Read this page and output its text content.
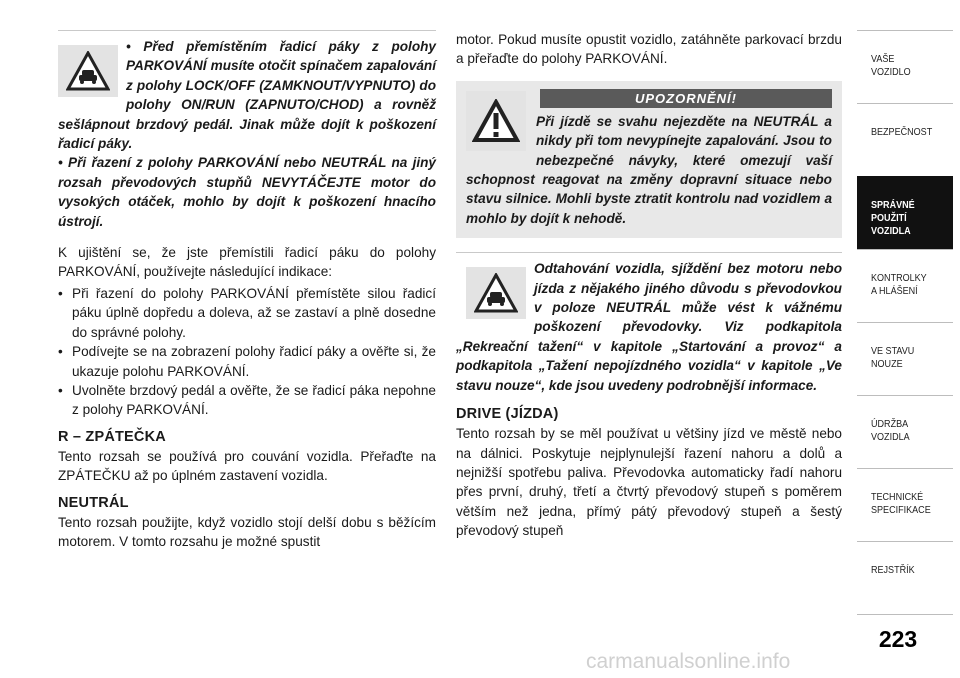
• Před přemístěním řadicí páky z polohy PARKOVÁNÍ musíte otočit spínačem zapalování z polohy LOCK/OFF (ZAMKNOUT/VYPNUTO) do polohy ON/RUN (ZAPNUTO/CHOD) a rovněž sešlápnout brzdový pedál. Jinak může dojít k poškození řadicí páky.
• Při řazení z polohy PARKOVÁNÍ nebo NEUTRÁL na jiný rozsah převodových stupňů NEVYTÁČEJTE motor do vysokých otáček, mohlo by dojít k poškození hnacího ústrojí.

K ujištění se, že jste přemístili řadicí páku do polohy PARKOVÁNÍ, používejte následující indikace:

• Při řazení do polohy PARKOVÁNÍ přemístěte silou řadicí páku úplně dopředu a doleva, až se zastaví a plně dosedne do správné polohy.
• Podívejte se na zobrazení polohy řadicí páky a ověřte si, že ukazuje polohu PARKOVÁNÍ.
• Uvolněte brzdový pedál a ověřte, že se řadicí páka nepohne z polohy PARKOVÁNÍ.
R – ZPÁTEČKA

Tento rozsah se používá pro couvání vozidla. Přeřaďte na ZPÁTEČKU až po úplném zastavení vozidla.

NEUTRÁL

Tento rozsah použijte, když vozidlo stojí delší dobu s běžícím motorem. V tomto rozsahu je možné spustit

motor. Pokud musíte opustit vozidlo, zatáhněte parkovací brzdu a přeřaďte do polohy PARKOVÁNÍ.

UPOZORNĚNÍ!

Při jízdě se svahu nejezděte na NEUTRÁL a nikdy při tom nevypínejte zapalování. Jsou to nebezpečné návyky, které omezují vaší schopnost reagovat na změny dopravní situace nebo stavu silnice. Mohli byste ztratit kontrolu nad vozidlem a mohlo by dojít k nehodě.

Odtahování vozidla, sjíždění bez motoru nebo jízda z nějakého jiného důvodu s převodovkou v poloze NEUTRÁL může vést k vážnému poškození převodovky. Viz podkapitola „Rekreační tažení“ v kapitole „Startování a provoz“ a podkapitola „Tažení nepojízdného vozidla“ v kapitole „Ve stavu nouze“, kde jsou uvedeny podrobnější informace.

DRIVE (JÍZDA)

Tento rozsah by se měl používat u většiny jízd ve městě nebo na dálnici. Poskytuje nejplynulejší řazení nahoru a dolů a nejnižší spotřebu paliva. Převodovka automaticky řadí nahoru přes první, druhý, třetí a čtvrtý převodový stupeň s poměrem větším než jedna, přímý pátý převodový stupeň a šestý převodový stupeň

VAŠE
VOZIDLO
BEZPEČNOST
SPRÁVNÉ
POUŽITÍ
VOZIDLA
KONTROLKY
A HLÁŠENÍ
VE STAVU
NOUZE
ÚDRŽBA
VOZIDLA
TECHNICKÉ
SPECIFIKACE
REJSTŘÍK
223
carmanualsonline.info
